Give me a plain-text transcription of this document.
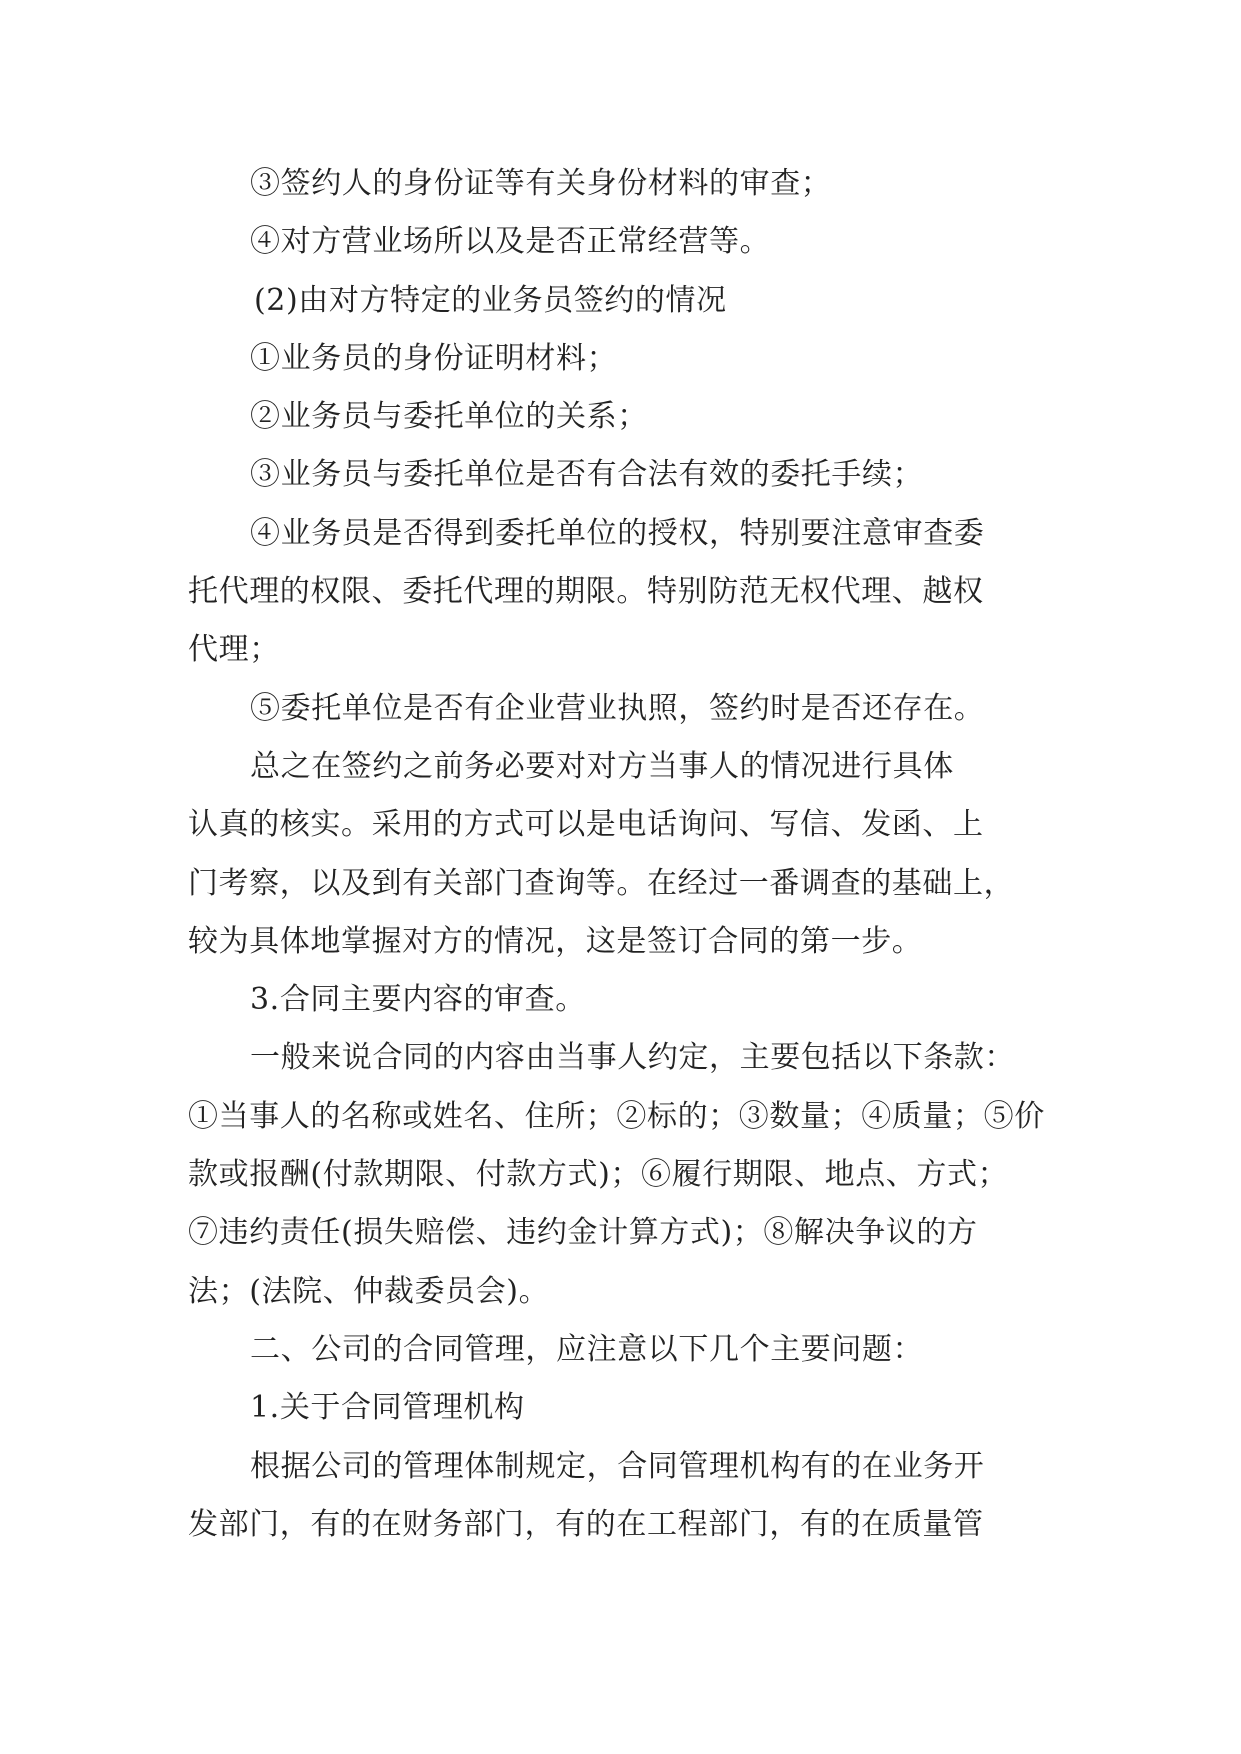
③签约人的身份证等有关身份材料的审查；
④对方营业场所以及是否正常经营等。
(2)由对方特定的业务员签约的情况
①业务员的身份证明材料；
②业务员与委托单位的关系；
③业务员与委托单位是否有合法有效的委托手续；
④业务员是否得到委托单位的授权，特别要注意审查委
托代理的权限、委托代理的期限。特别防范无权代理、越权
代理；
⑤委托单位是否有企业营业执照，签约时是否还存在。
总之在签约之前务必要对对方当事人的情况进行具体
认真的核实。采用的方式可以是电话询问、写信、发函、上
门考察，以及到有关部门查询等。在经过一番调查的基础上，
较为具体地掌握对方的情况，这是签订合同的第一步。
3.合同主要内容的审查。
一般来说合同的内容由当事人约定，主要包括以下条款：
①当事人的名称或姓名、住所；②标的；③数量；④质量；⑤价
款或报酬(付款期限、付款方式)；⑥履行期限、地点、方式；
⑦违约责任(损失赔偿、违约金计算方式)；⑧解决争议的方
法；(法院、仲裁委员会)。
二、公司的合同管理，应注意以下几个主要问题：
1.关于合同管理机构
根据公司的管理体制规定，合同管理机构有的在业务开
发部门，有的在财务部门，有的在工程部门，有的在质量管
